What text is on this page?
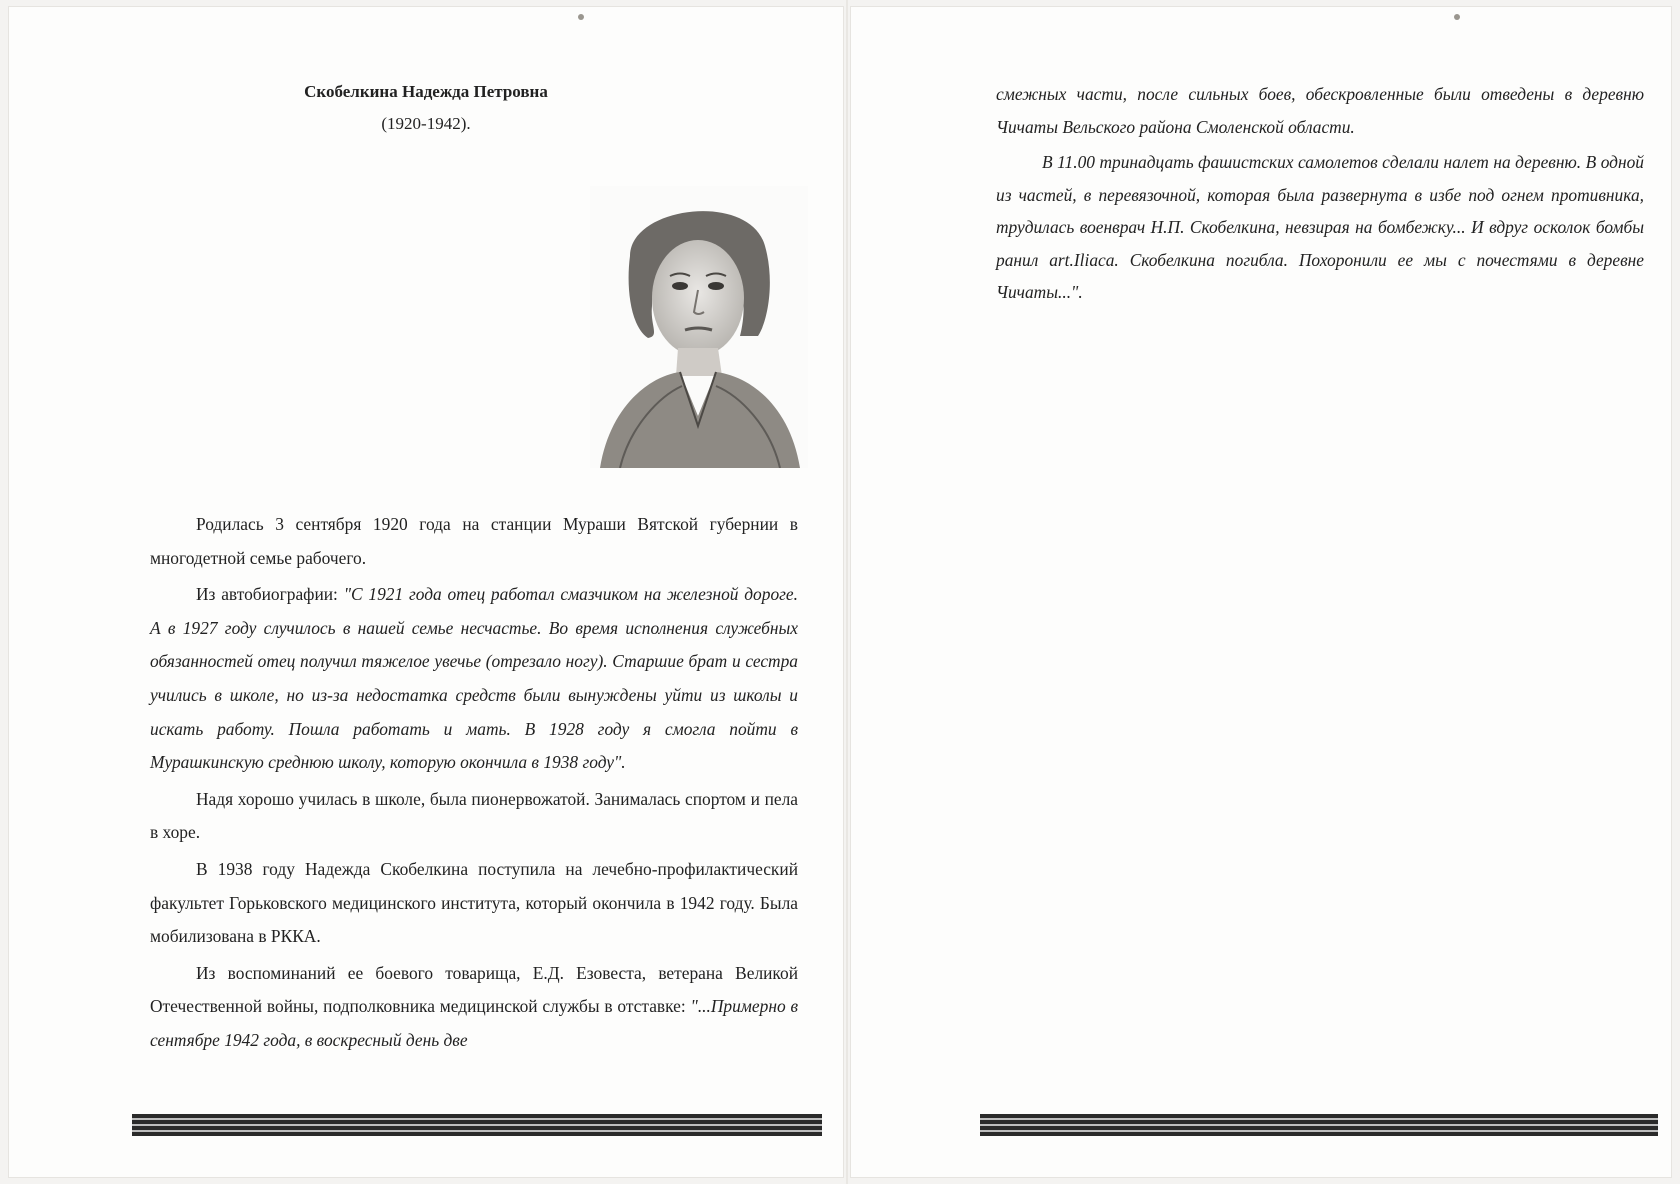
Скобелкина Надежда Петровна
(1920-1942).

Родилась 3 сентября 1920 года на станции Мураши Вятской губернии в многодетной семье рабочего.

Из автобиографии: "С 1921 года отец работал смазчиком на железной дороге. А в 1927 году случилось в нашей семье несчастье. Во время исполнения служебных обязанностей отец получил тяжелое увечье (отрезало ногу). Старшие брат и сестра учились в школе, но из-за недостатка средств были вынуждены уйти из школы и искать работу. Пошла работать и мать. В 1928 году я смогла пойти в Мурашкинскую среднюю школу, которую окончила в 1938 году".

Надя хорошо училась в школе, была пионервожатой. Занималась спортом и пела в хоре.

В 1938 году Надежда Скобелкина поступила на лечебно-профилактический факультет Горьковского медицинского института, который окончила в 1942 году. Была мобилизована в РККА.

Из воспоминаний ее боевого товарища, Е.Д. Езовеста, ветерана Великой Отечественной войны, подполковника медицинской службы в отставке: "...Примерно в сентябре 1942 года, в воскресный день две

смежных части, после сильных боев, обескровленные были отведены в деревню Чичаты Вельского района Смоленской области.

В 11.00 тринадцать фашистских самолетов сделали налет на деревню. В одной из частей, в перевязочной, которая была развернута в избе под огнем противника, трудилась военврач Н.П. Скобелкина, невзирая на бомбежку... И вдруг осколок бомбы ранил art.Iliaca. Скобелкина погибла. Похоронили ее мы с почестями в деревне Чичаты...".
